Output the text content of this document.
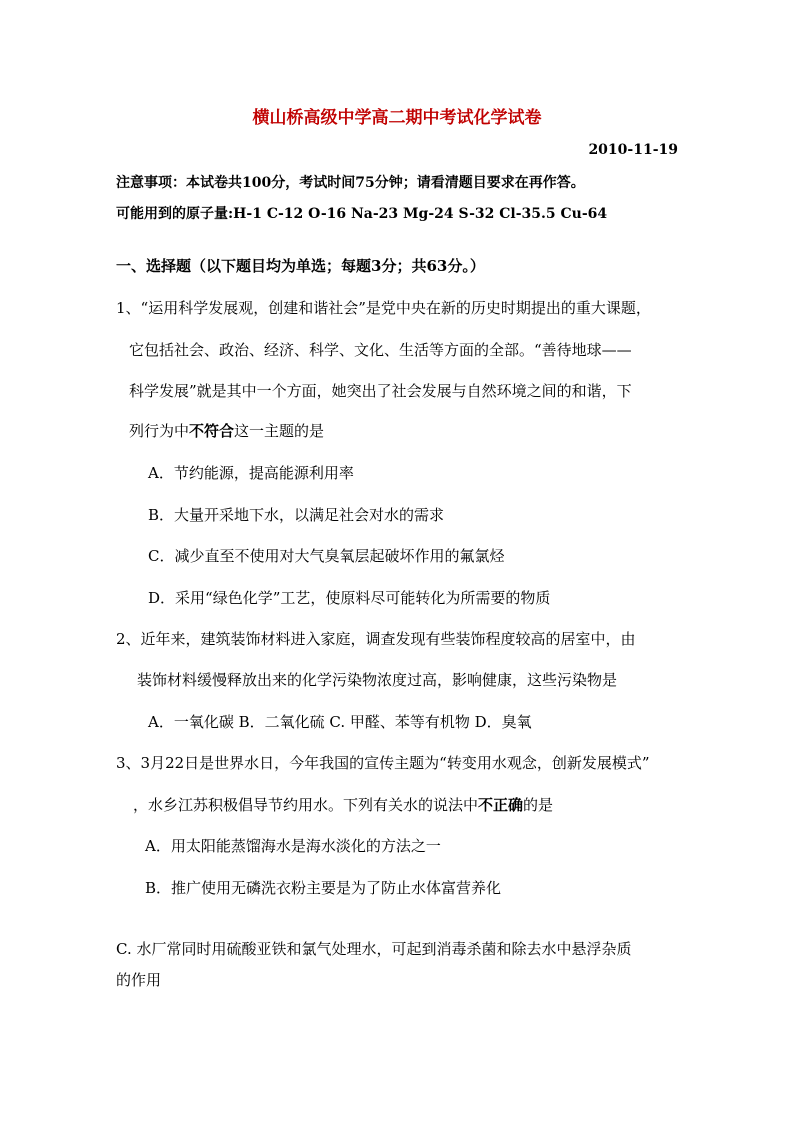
横山桥高级中学高二期中考试化学试卷
2010-11-19
注意事项：本试卷共100分，考试时间75分钟；请看清题目要求在再作答。
可能用到的原子量:H-1 C-12 O-16 Na-23 Mg-24 S-32 Cl-35.5 Cu-64
一、选择题（以下题目均为单选；每题3分；共63分。）
1、“运用科学发展观，创建和谐社会”是党中央在新的历史时期提出的重大课题，
它包括社会、政治、经济、科学、文化、生活等方面的全部。“善待地球——
科学发展”就是其中一个方面，她突出了社会发展与自然环境之间的和谐，下
列行为中不符合这一主题的是
A．节约能源，提高能源利用率
B．大量开采地下水，以满足社会对水的需求
C．减少直至不使用对大气臭氧层起破坏作用的氟氯烃
D．采用“绿色化学”工艺，使原料尽可能转化为所需要的物质
2、近年来，建筑装饰材料进入家庭，调查发现有些装饰程度较高的居室中，由
装饰材料缓慢释放出来的化学污染物浓度过高，影响健康，这些污染物是
A．一氧化碳 B．二氧化硫 C. 甲醛、苯等有机物 D．臭氧
3、3月22日是世界水日，今年我国的宣传主题为“转变用水观念，创新发展模式”
，水乡江苏积极倡导节约用水。下列有关水的说法中不正确的是
A．用太阳能蒸馏海水是海水淡化的方法之一
B．推广使用无磷洗衣粉主要是为了防止水体富营养化
C. 水厂常同时用硫酸亚铁和氯气处理水，可起到消毒杀菌和除去水中悬浮杂质
的作用
